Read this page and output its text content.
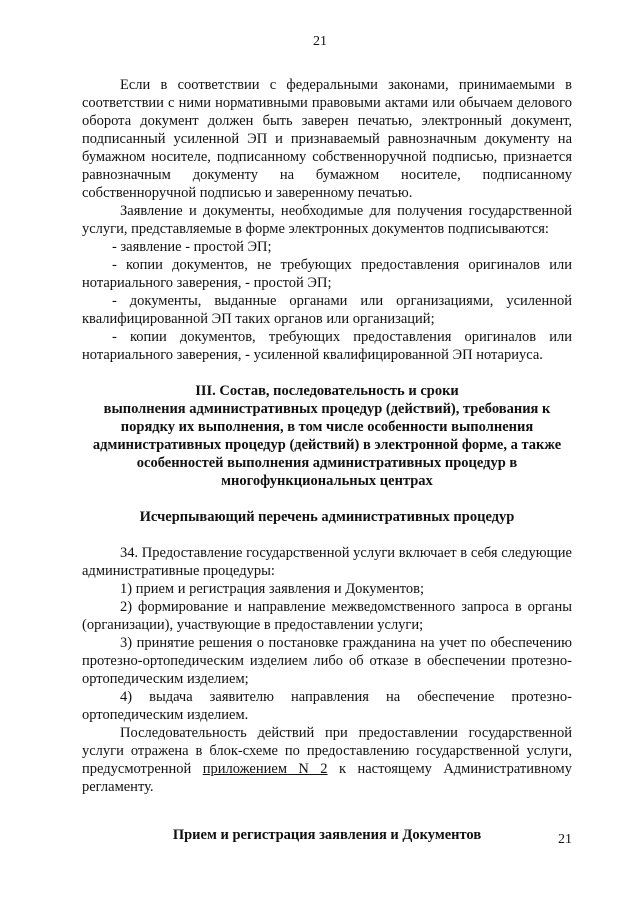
21

Если в соответствии с федеральными законами, принимаемыми в соответствии с ними нормативными правовыми актами или обычаем делового оборота документ должен быть заверен печатью, электронный документ, подписанный усиленной ЭП и признаваемый равнозначным документу на бумажном носителе, подписанному собственноручной подписью, признается равнозначным документу на бумажном носителе, подписанному собственноручной подписью и заверенному печатью.

Заявление и документы, необходимые для получения государственной услуги, представляемые в форме электронных документов подписываются:

- заявление - простой ЭП;

- копии документов, не требующих предоставления оригиналов или нотариального заверения, - простой ЭП;

- документы, выданные органами или организациями, усиленной квалифицированной ЭП таких органов или организаций;

- копии документов, требующих предоставления оригиналов или нотариального заверения, - усиленной квалифицированной ЭП нотариуса.

III. Состав, последовательность и сроки
выполнения административных процедур (действий), требования к
порядку их выполнения, в том числе особенности выполнения
административных процедур (действий) в электронной форме, а также
особенностей выполнения административных процедур в
многофункциональных центрах
Исчерпывающий перечень административных процедур

34. Предоставление государственной услуги включает в себя следующие административные процедуры:

1) прием и регистрация заявления и Документов;

2) формирование и направление межведомственного запроса в органы (организации), участвующие в предоставлении услуги;

3) принятие решения о постановке гражданина на учет по обеспечению протезно-ортопедическим изделием либо об отказе в обеспечении протезно-ортопедическим изделием;

4) выдача заявителю направления на обеспечение протезно-ортопедическим изделием.

Последовательность действий при предоставлении государственной услуги отражена в блок-схеме по предоставлению государственной услуги, предусмотренной приложением N 2 к настоящему Административному регламенту.

Прием и регистрация заявления и Документов	21
